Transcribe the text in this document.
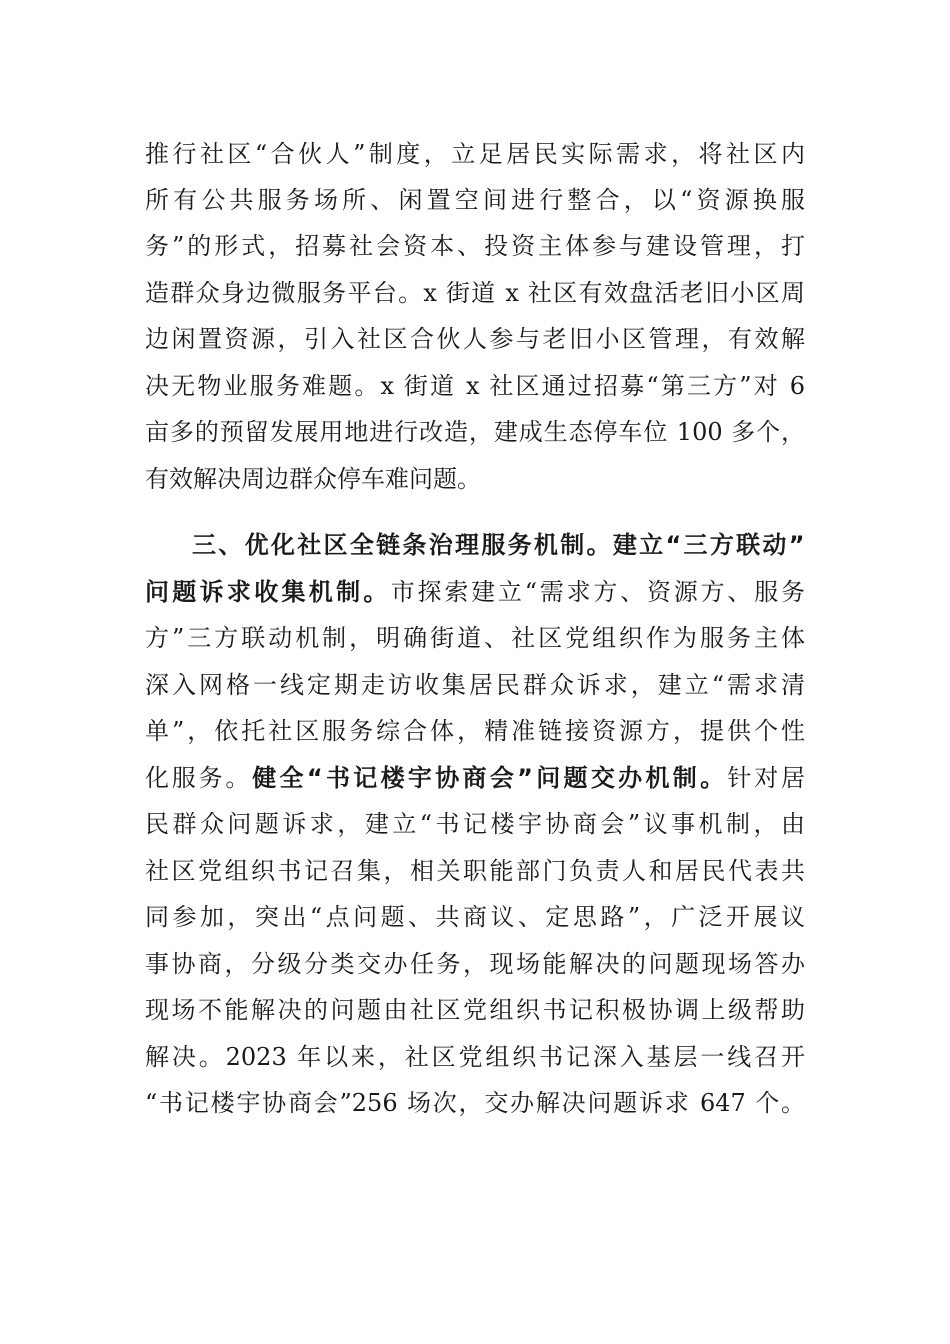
推行社区“合伙人”制度，立足居民实际需求，将社区内
所有公共服务场所、闲置空间进行整合，以“资源换服
务”的形式，招募社会资本、投资主体参与建设管理，打
造群众身边微服务平台。x 街道 x 社区有效盘活老旧小区周
边闲置资源，引入社区合伙人参与老旧小区管理，有效解
决无物业服务难题。x 街道 x 社区通过招募“第三方”对 6
亩多的预留发展用地进行改造，建成生态停车位 100 多个，
有效解决周边群众停车难问题。
三、优化社区全链条治理服务机制。建立“三方联动”
问题诉求收集机制。市探索建立“需求方、资源方、服务
方”三方联动机制，明确街道、社区党组织作为服务主体
深入网格一线定期走访收集居民群众诉求，建立“需求清
单”，依托社区服务综合体，精准链接资源方，提供个性
化服务。健全“书记楼宇协商会”问题交办机制。针对居
民群众问题诉求，建立“书记楼宇协商会”议事机制，由
社区党组织书记召集，相关职能部门负责人和居民代表共
同参加，突出“点问题、共商议、定思路”，广泛开展议
事协商，分级分类交办任务，现场能解决的问题现场答办
现场不能解决的问题由社区党组织书记积极协调上级帮助
解决。2023 年以来，社区党组织书记深入基层一线召开
“书记楼宇协商会”256 场次，交办解决问题诉求 647 个。
